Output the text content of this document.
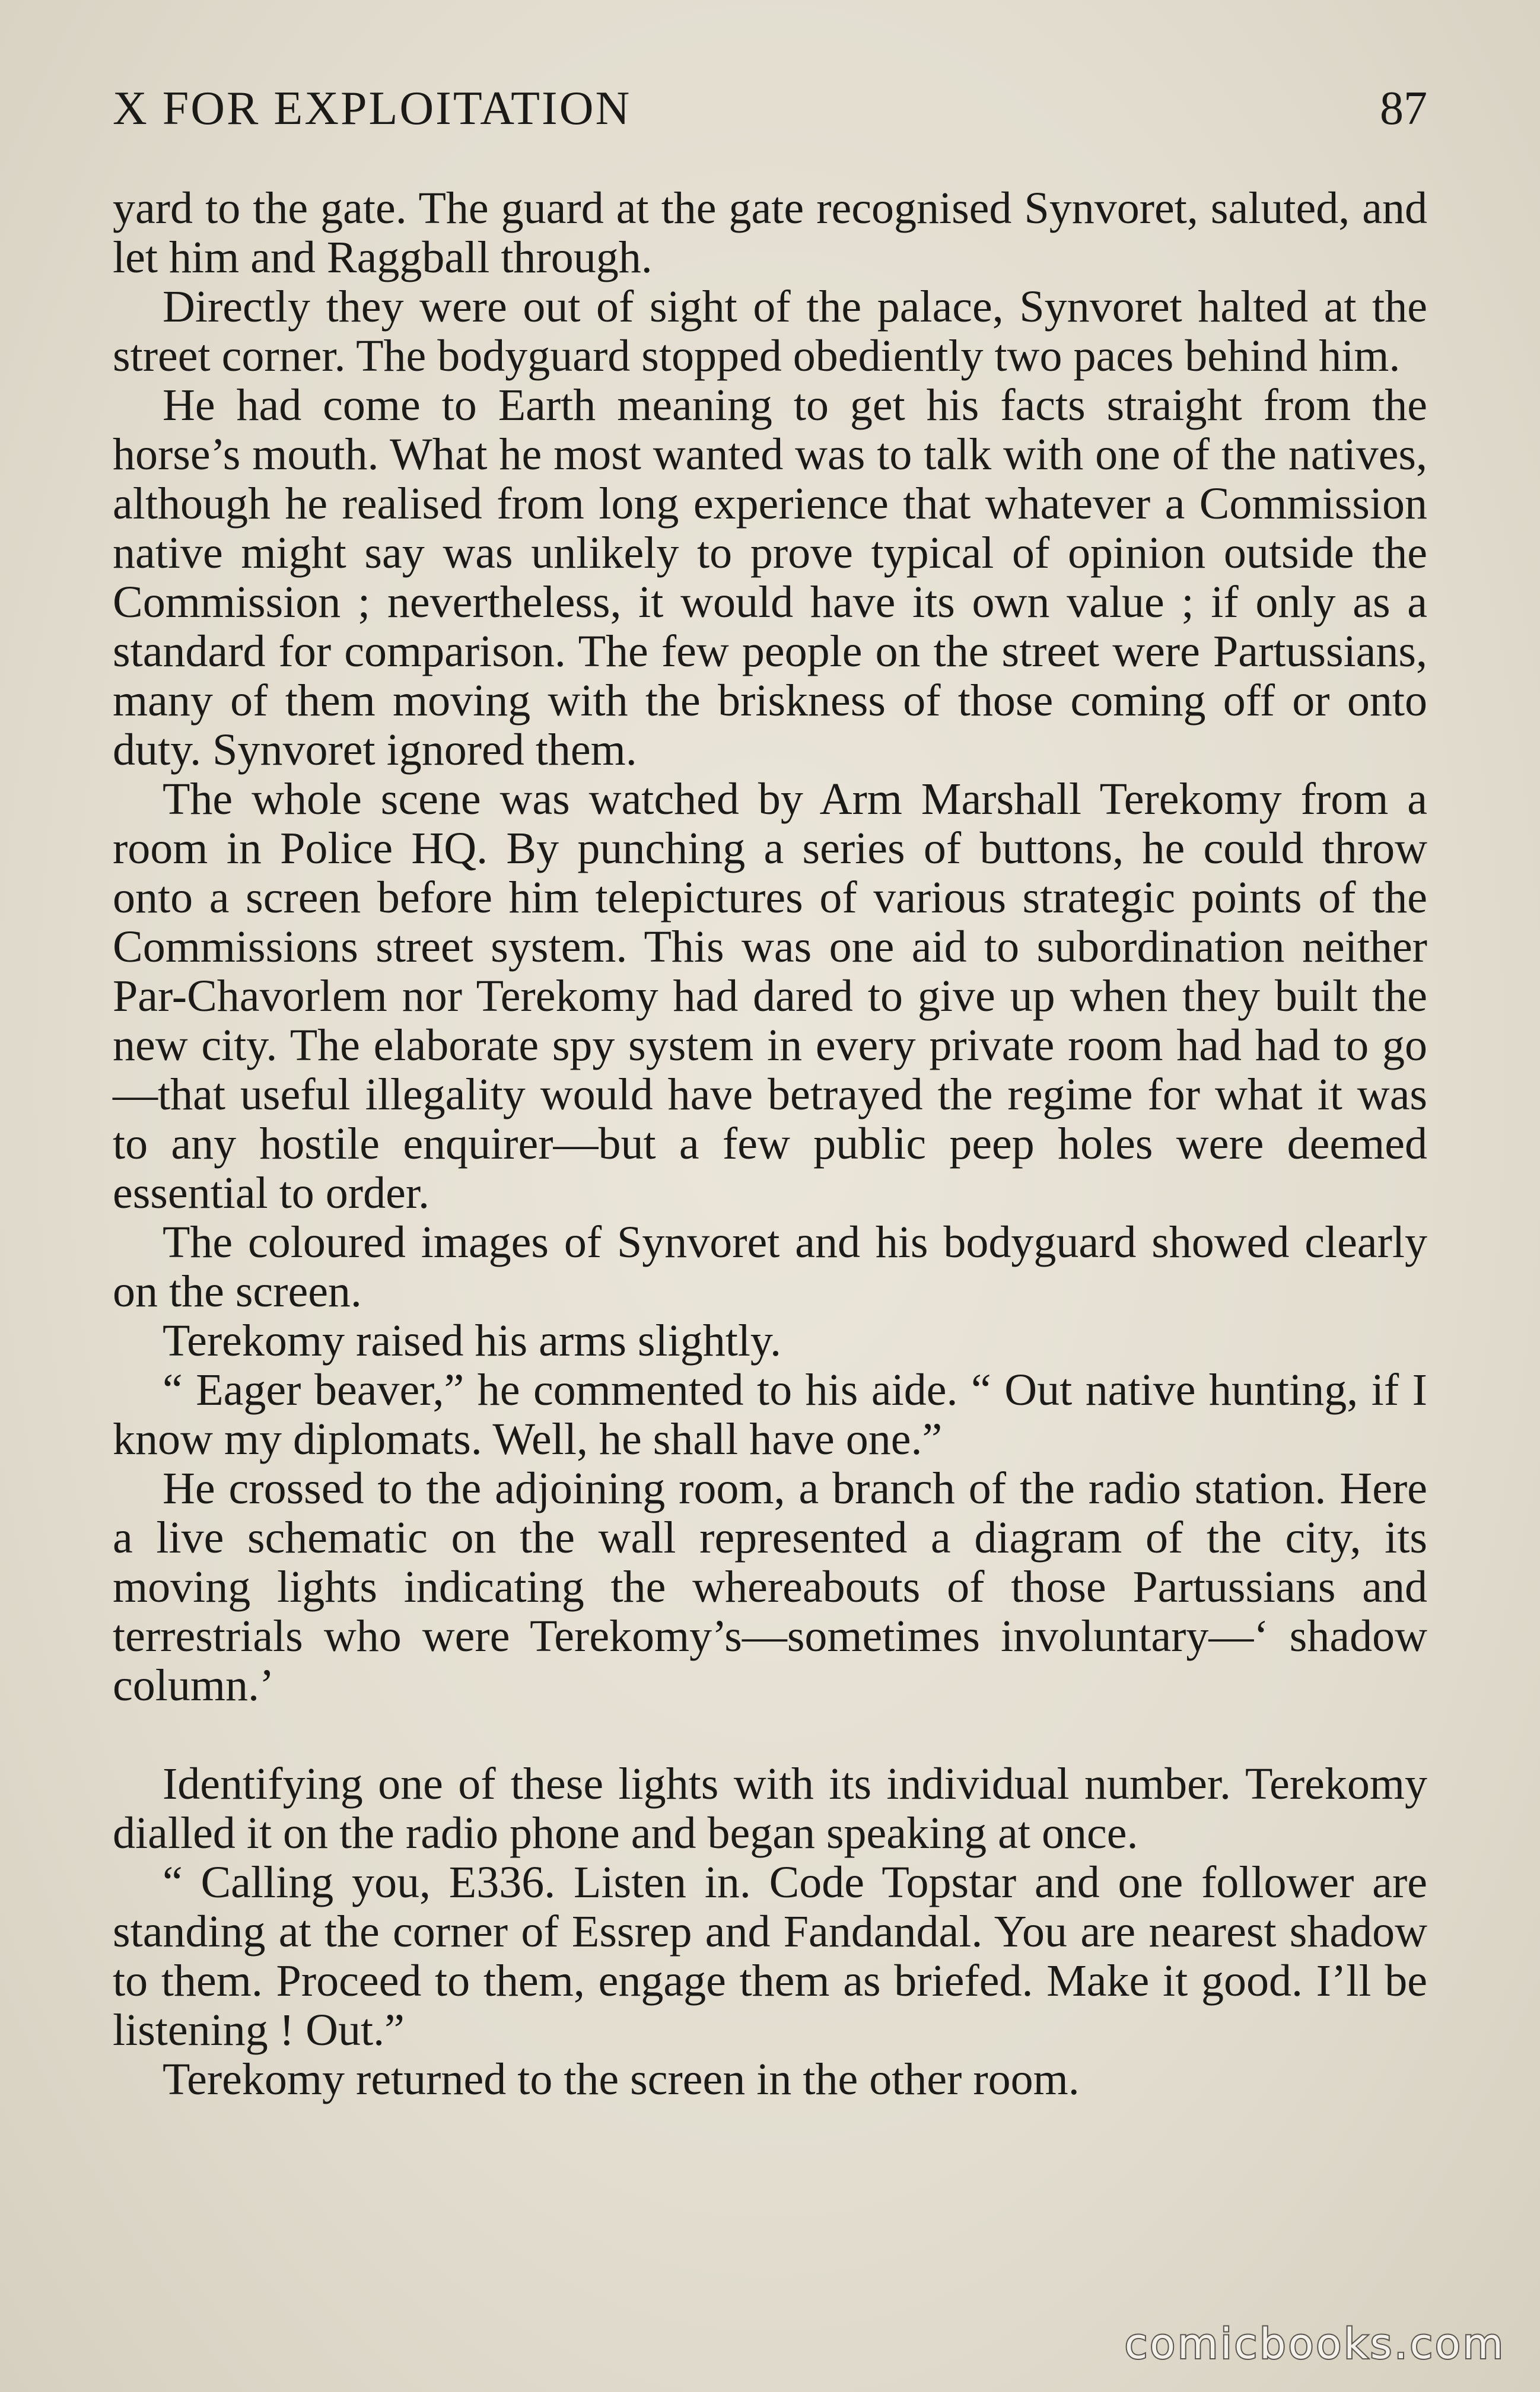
X FOR EXPLOITATION	87

yard to the gate. The guard at the gate recognised Synvoret, saluted, and let him and Raggball through.

Directly they were out of sight of the palace, Synvoret halted at the street corner. The bodyguard stopped obediently two paces behind him.

He had come to Earth meaning to get his facts straight from the horse’s mouth. What he most wanted was to talk with one of the natives, although he realised from long experience that whatever a Commission native might say was unlikely to prove typical of opinion outside the Commission ; nevertheless, it would have its own value ; if only as a standard for comparison. The few people on the street were Partussians, many of them moving with the briskness of those coming off or onto duty. Synvoret ignored them.

The whole scene was watched by Arm Marshall Terekomy from a room in Police HQ. By punching a series of buttons, he could throw onto a screen before him telepictures of various strategic points of the Commissions street system. This was one aid to subordination neither Par-Chavorlem nor Terekomy had dared to give up when they built the new city. The elaborate spy system in every private room had had to go—that useful illegality would have betrayed the regime for what it was to any hostile enquirer—but a few public peep holes were deemed essential to order.

The coloured images of Synvoret and his bodyguard showed clearly on the screen.

Terekomy raised his arms slightly.

“ Eager beaver,” he commented to his aide. “ Out native hunting, if I know my diplomats. Well, he shall have one.”

He crossed to the adjoining room, a branch of the radio station. Here a live schematic on the wall represented a diagram of the city, its moving lights indicating the whereabouts of those Partussians and terrestrials who were Terekomy’s—sometimes involuntary—‘ shadow column.’

Identifying one of these lights with its individual number. Terekomy dialled it on the radio phone and began speaking at once.

“ Calling you, E336. Listen in. Code Topstar and one follower are standing at the corner of Essrep and Fandandal. You are nearest shadow to them. Proceed to them, engage them as briefed. Make it good. I’ll be listening ! Out.”

Terekomy returned to the screen in the other room.

comicbooks.com
